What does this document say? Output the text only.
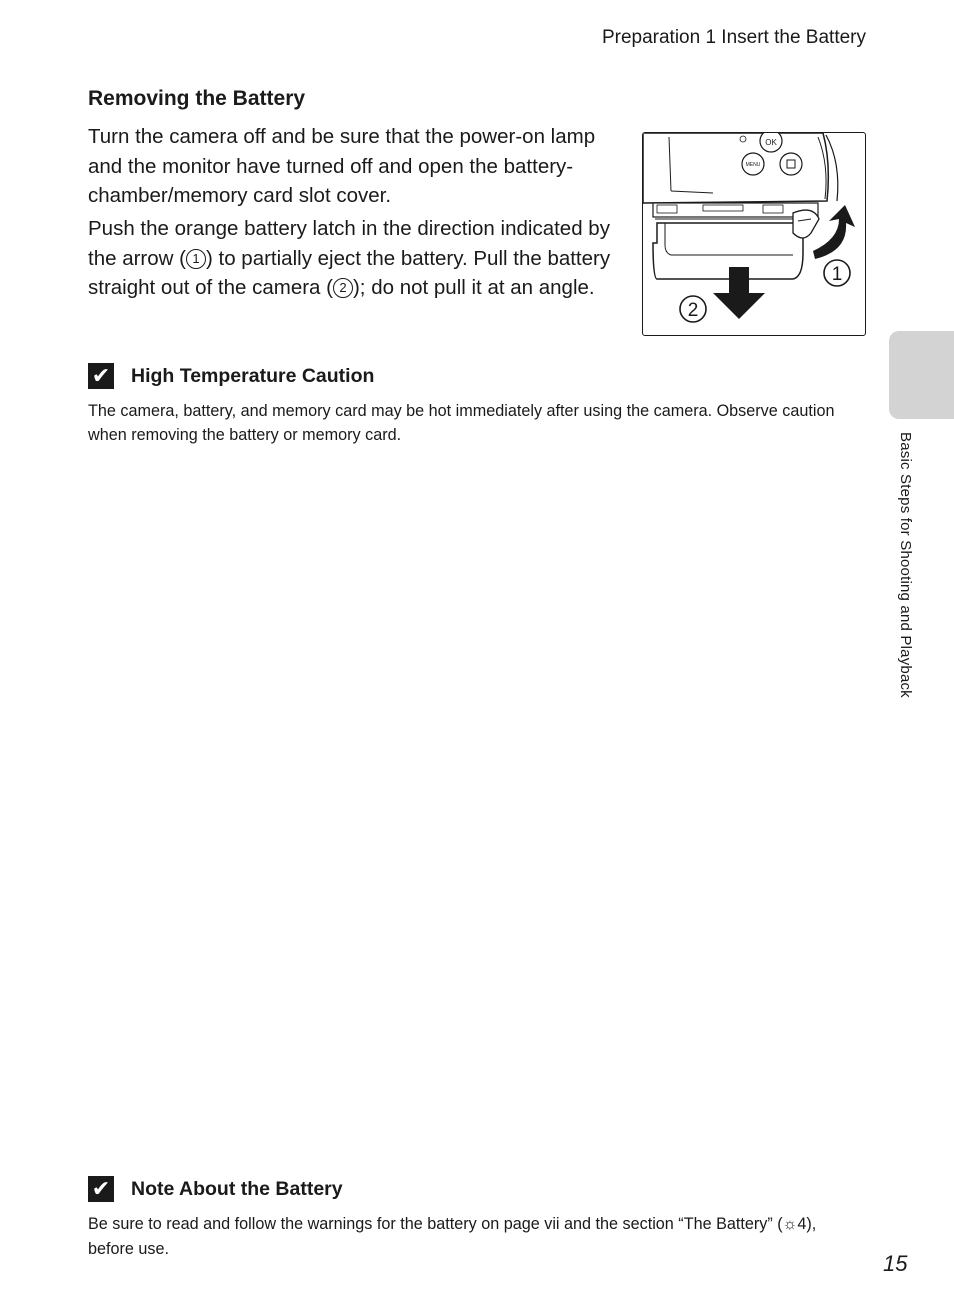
Preparation 1 Insert the Battery
Basic Steps for Shooting and Playback
Removing the Battery

Turn the camera off and be sure that the power-on lamp and the monitor have turned off and open the battery-chamber/memory card slot cover.

Push the orange battery latch in the direction indicated by the arrow ( 1 ) to partially eject the battery. Pull the battery straight out of the camera ( 2 ); do not pull it at an angle.

OK
MENU
1
2
✔ High Temperature Caution

The camera, battery, and memory card may be hot immediately after using the camera. Observe caution when removing the battery or memory card.

✔ Note About the Battery

Be sure to read and follow the warnings for the battery on page vii and the section “The Battery” (☼4), before use.

15
